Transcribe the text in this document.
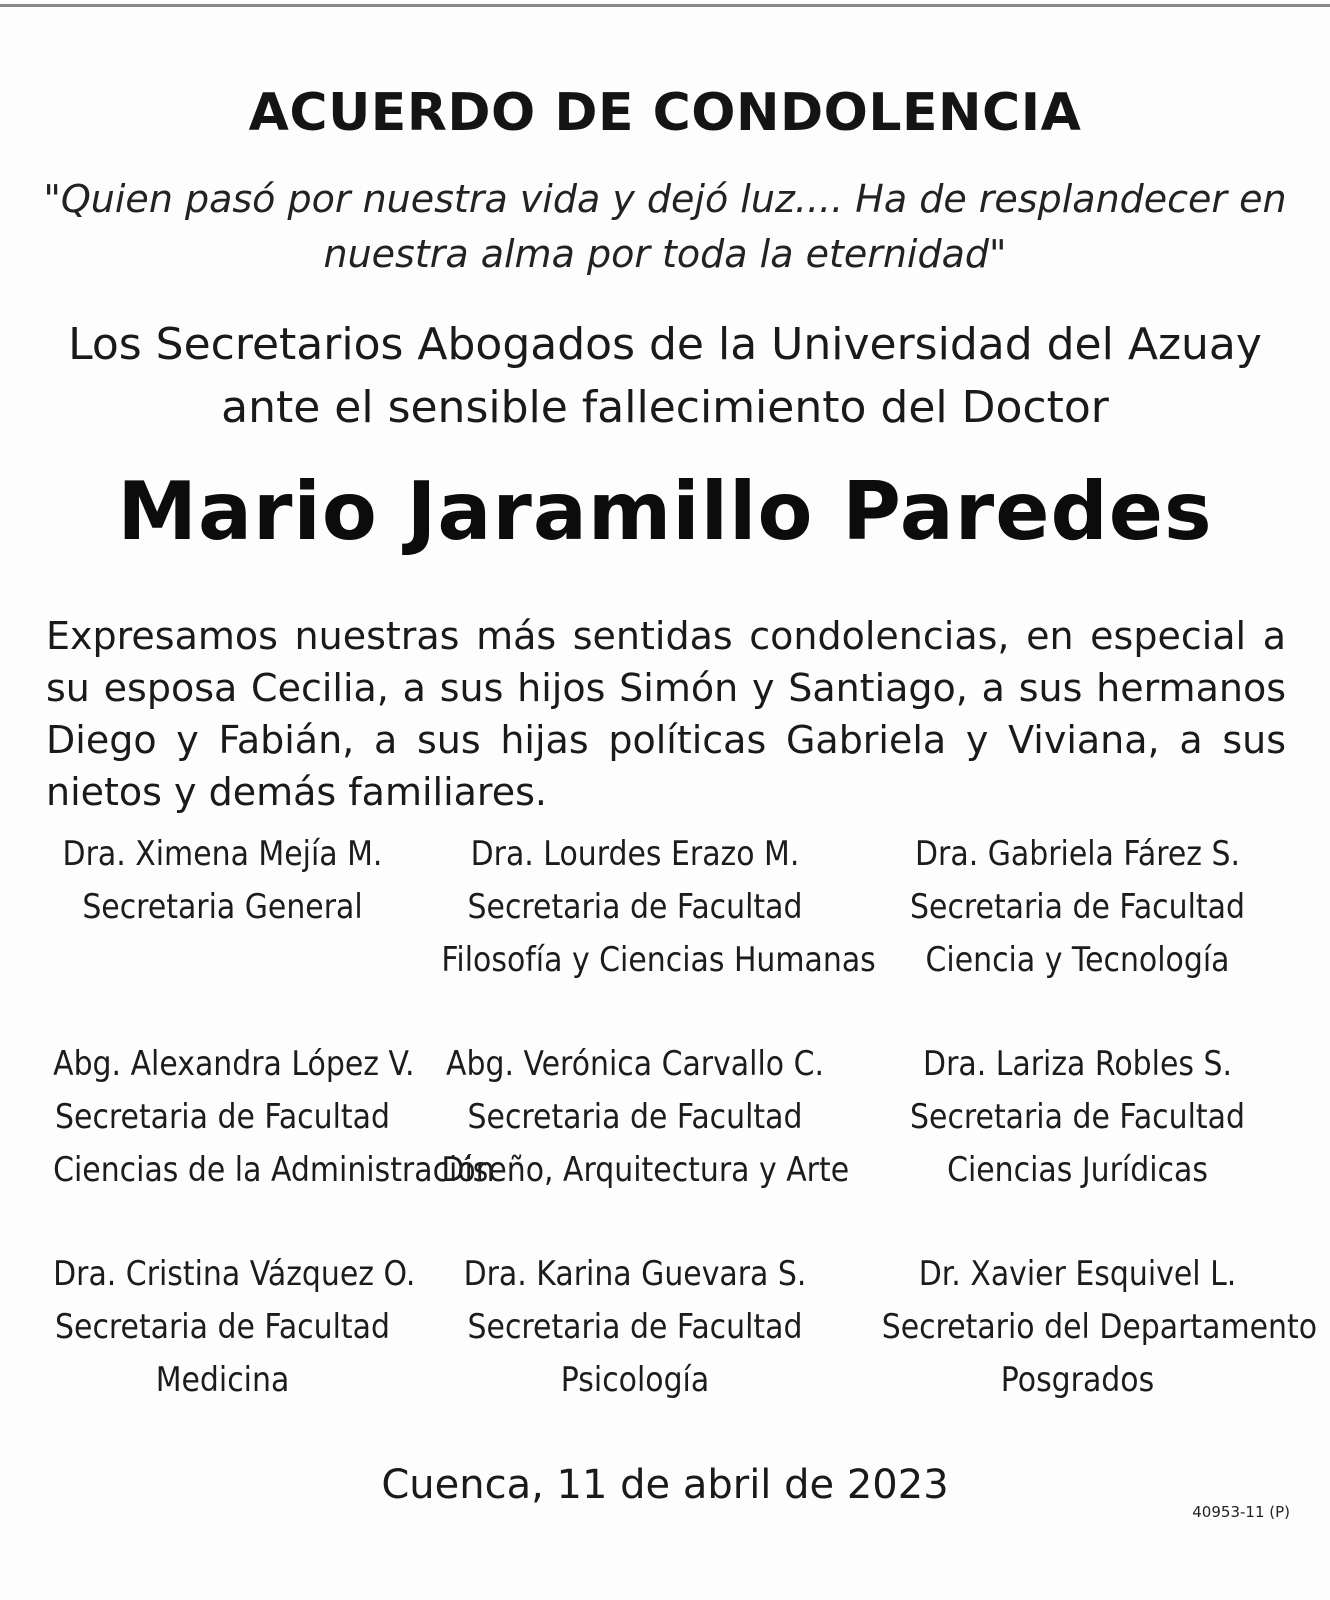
ACUERDO DE CONDOLENCIA
"Quien pasó por nuestra vida y dejó luz.... Ha de resplandecer en nuestra alma por toda la eternidad"
Los Secretarios Abogados de la Universidad del Azuay
ante el sensible fallecimiento del Doctor
Mario Jaramillo Paredes
Expresamos nuestras más sentidas condolencias, en especial a su esposa Cecilia, a sus hijos Simón y Santiago, a sus hermanos Diego y Fabián, a sus hijas políticas Gabriela y Viviana, a sus nietos y demás familiares.
Dra. Ximena Mejía M.
Secretaria General
Dra. Lourdes Erazo M.
Secretaria de Facultad
Filosofía y Ciencias Humanas
Dra. Gabriela Fárez S.
Secretaria de Facultad
Ciencia y Tecnología
Abg. Alexandra López V.
Secretaria de Facultad
Ciencias de la Administración
Abg. Verónica Carvallo C.
Secretaria de Facultad
Diseño, Arquitectura y Arte
Dra. Lariza Robles S.
Secretaria de Facultad
Ciencias Jurídicas
Dra. Cristina Vázquez O.
Secretaria de Facultad
Medicina
Dra. Karina Guevara S.
Secretaria de Facultad
Psicología
Dr. Xavier Esquivel L.
Secretario del Departamento
Posgrados
Cuenca, 11 de abril de 2023
40953-11 (P)
